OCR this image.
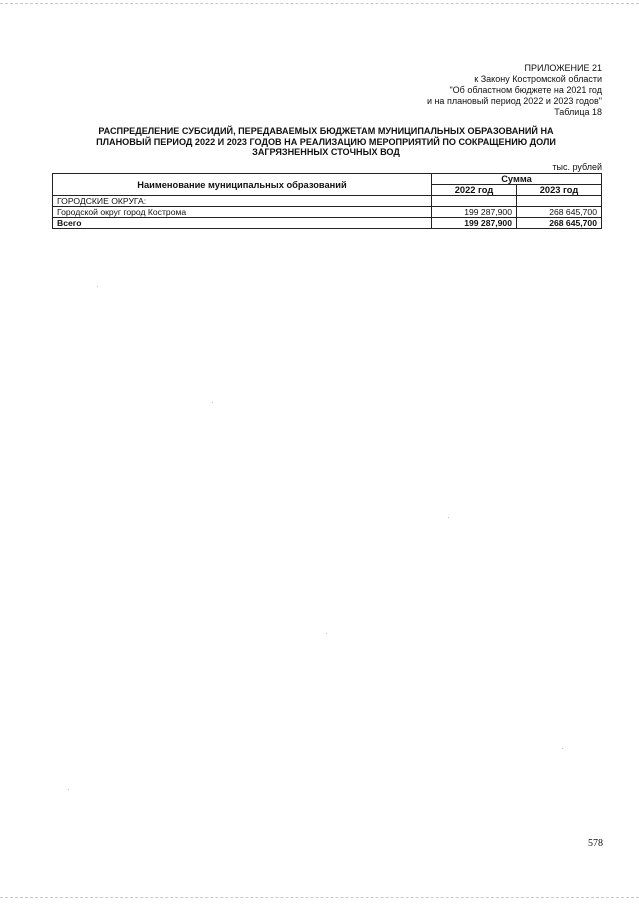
ПРИЛОЖЕНИЕ 21
к Закону Костромской области
"Об областном бюджете на 2021 год
и на плановый период 2022 и 2023 годов"
Таблица 18
РАСПРЕДЕЛЕНИЕ СУБСИДИЙ, ПЕРЕДАВАЕМЫХ БЮДЖЕТАМ МУНИЦИПАЛЬНЫХ ОБРАЗОВАНИЙ НА
ПЛАНОВЫЙ ПЕРИОД 2022 И 2023 ГОДОВ НА РЕАЛИЗАЦИЮ МЕРОПРИЯТИЙ ПО СОКРАЩЕНИЮ ДОЛИ
ЗАГРЯЗНЕННЫХ СТОЧНЫХ ВОД
тыс. рублей
Наименование муниципальных образований	Сумма	
	2022 год	2023 год
ГОРОДСКИЕ ОКРУГА:		
Городской округ город Кострома	199 287,900	268 645,700
Всего	199 287,900	268 645,700
578
